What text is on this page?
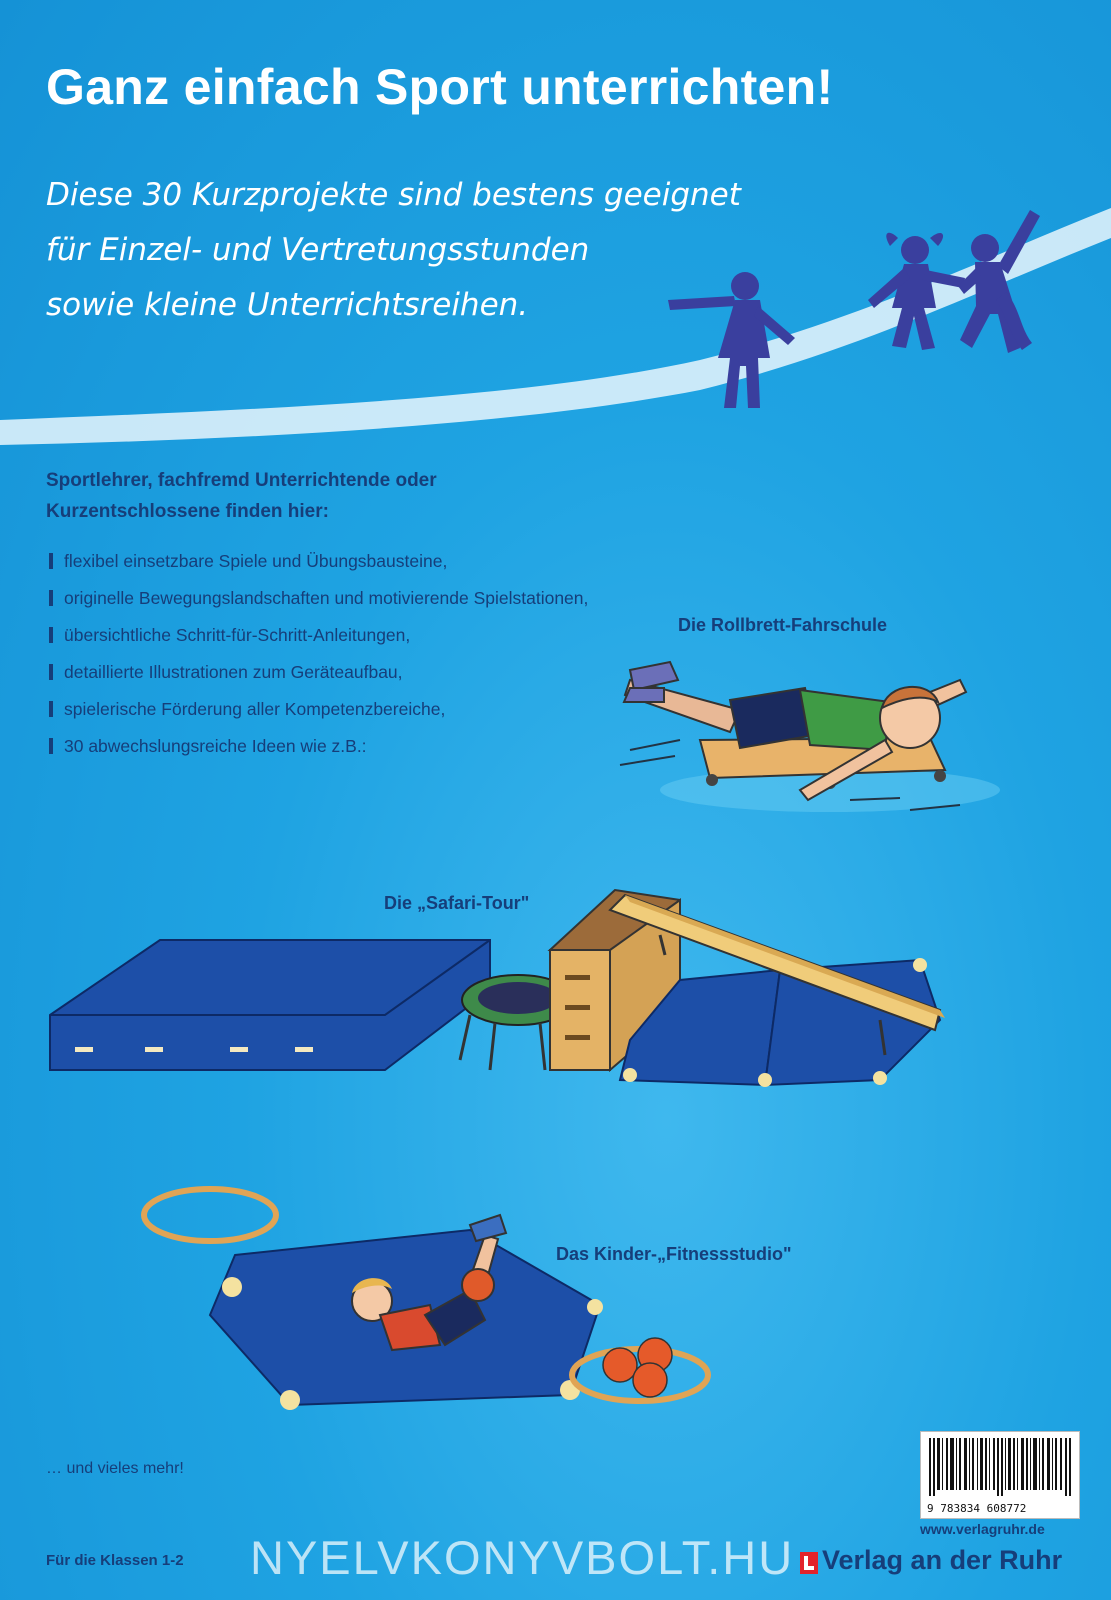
Ganz einfach Sport unterrichten!
Diese 30 Kurzprojekte sind bestens geeignet
für Einzel- und Vertretungsstunden
sowie kleine Unterrichtsreihen.
Sportlehrer, fachfremd Unterrichtende oder Kurzentschlossene finden hier:
flexibel einsetzbare Spiele und Übungsbausteine,
originelle Bewegungslandschaften und motivierende Spielstationen,
übersichtliche Schritt-für-Schritt-Anleitungen,
detaillierte Illustrationen zum Geräteaufbau,
spielerische Förderung aller Kompetenzbereiche,
30 abwechslungsreiche Ideen wie z.B.:
Die Rollbrett-Fahrschule
Die „Safari-Tour"
Das Kinder-„Fitnessstudio"
… und vieles mehr!
9 783834 608772
www.verlagruhr.de
Verlag an der Ruhr
Für die Klassen 1-2 NYELVKONYVBOLT.HU
